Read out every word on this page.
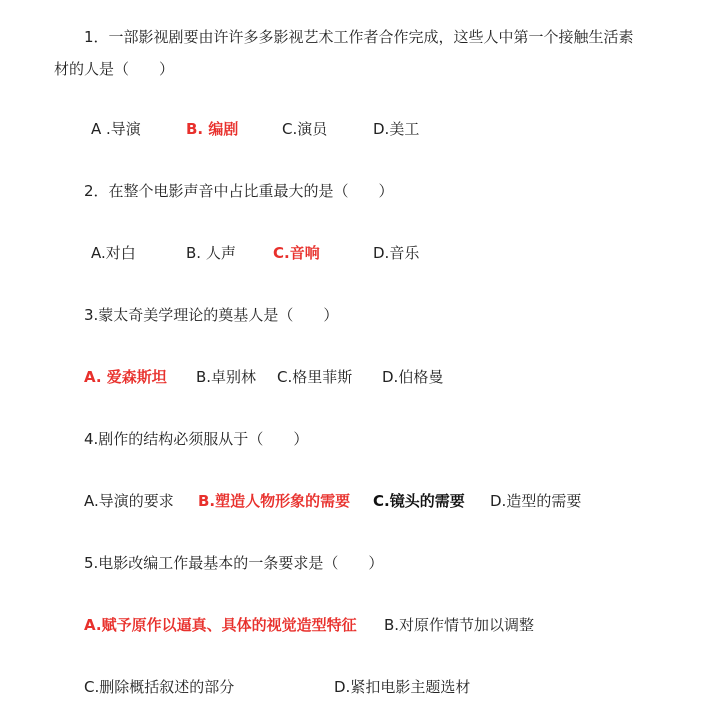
1．一部影视剧要由许许多多影视艺术工作者合作完成，这些人中第一个接触生活素
材的人是（　　）
A .导演	B. 编剧	C.演员	D.美工
2．在整个电影声音中占比重最大的是（　　）
A.对白	B. 人声 C.音响	D.音乐
3.蒙太奇美学理论的奠基人是（　　）
A. 爱森斯坦 B.卓别林 C.格里菲斯 D.伯格曼
4.剧作的结构必须服从于（　　）
A.导演的要求 B.塑造人物形象的需要 C.镜头的需要 D.造型的需要
5.电影改编工作最基本的一条要求是（　　）
A.赋予原作以逼真、具体的视觉造型特征 B.对原作情节加以调整
C.删除概括叙述的部分	D.紧扣电影主题选材
